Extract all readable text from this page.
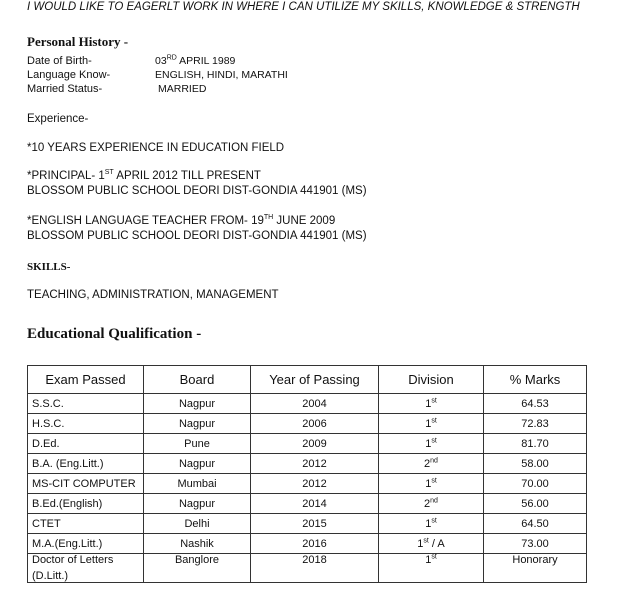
I WOULD LIKE TO EAGERLT WORK IN WHERE I CAN UTILIZE MY SKILLS, KNOWLEDGE & STRENGTH
Personal History -
Date of Birth-	03RD APRIL 1989
Language Know-	ENGLISH, HINDI, MARATHI
Married Status-	MARRIED
Experience-
*10 YEARS EXPERIENCE IN EDUCATION FIELD
*PRINCIPAL- 1ST APRIL 2012 TILL PRESENT
BLOSSOM PUBLIC SCHOOL DEORI DIST-GONDIA 441901 (MS)
*ENGLISH LANGUAGE TEACHER FROM- 19TH JUNE 2009
BLOSSOM PUBLIC SCHOOL DEORI DIST-GONDIA 441901 (MS)
SKILLS-
TEACHING, ADMINISTRATION, MANAGEMENT
Educational Qualification -
Exam Passed	Board	Year of Passing	Division	% Marks
S.S.C.	Nagpur	2004	1st	64.53
H.S.C.	Nagpur	2006	1st	72.83
D.Ed.	Pune	2009	1st	81.70
B.A. (Eng.Litt.)	Nagpur	2012	2nd	58.00
MS-CIT COMPUTER	Mumbai	2012	1st	70.00
B.Ed.(English)	Nagpur	2014	2nd	56.00
CTET	Delhi	2015	1st	64.50
M.A.(Eng.Litt.)	Nashik	2016	1st / A	73.00

Doctor of Letters
(D.Litt.)	Banglore	2018	1st	Honorary
